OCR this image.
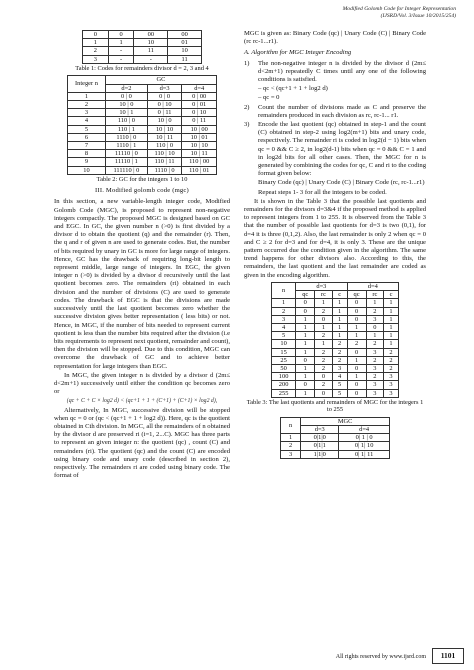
Modified Golomb Code for Integer Representation
(IJSRD/Vol. 3/Issue 10/2015/254)
0	0	00	00
1	1	10	01
2	-	11	10
3	-	-	11
Table 1: Codes for remainders divisor d = 2, 3 and 4
Integer n	GC		
	d=2	d=3	d=4
1	0 | 0	0 | 0	0 | 00
2	10 | 0	0 | 10	0 | 01
3	10 | 1	0 | 11	0 | 10
4	110 | 0	10 | 0	0 | 11
5	110 | 1	10 | 10	10 | 00
6	1110 | 0	10 | 11	10 | 01
7	1110 | 1	110 | 0	10 | 10
8	11110 | 0	110 | 10	10 | 11
9	11110 | 1	110 | 11	110 | 00
10	111110 | 0	1110 | 0	110 | 01
Table 2: GC for the integers 1 to 10
III. Modified golomb code (mgc)

In this section, a new variable-length integer code, Modified Golomb Code (MGC), is proposed to represent non-negative integers compactly. The proposed MGC is designed based on GC and EGC. In GC, the given number n (>0) is first divided by a divisor d to obtain the quotient (q) and the remainder (r). Then, the q and r of given n are used to generate codes. But, the number of bits required by unary in GC is more for large range of integers. Hence, GC has the drawback of requiring long-bit length to represent middle, large range of integers. In EGC, the given integer n (>0) is divided by a divisor d recursively until the last quotient becomes zero. The remainders (ri) obtained in each division and the number of divisions (C) are used to generate codes. The drawback of EGC is that the divisions are made successively until the last quotient becomes zero whether the successive division gives better representation ( less bits) or not. Hence, in MGC, if the number of bits needed to represent current quotient is less than the number bits required after the division (i.e bits requirements to represent next quotient, remainder and count), then the division will be stopped. Due to this condition, MGC can overcome the drawback of GC and to achieve better representation for large integers than EGC.

In MGC, the given integer n is divided by a divisor d (2m≤ d<2m+1) successively until either the condition qc becomes zero or

(qc + C + C × log2 d) < (qc+1 + 1 + (C+1) + (C+1) × log2 d),

Alternatively, In MGC, successive division will be stopped when qc = 0 or (qc < (qc+1 + 1 + log2 d)). Here, qc is the quotient obtained in Cth division. In MGC, all the remainders of n obtained by the divisor d are preserved ri (i=1, 2...C). MGC has three parts to represent an given integer n: the quotient (qc) , count (C) and remainders (ri). The quotient (qc) and the count (C) are encoded using binary code and unary code (described in section 2), respectively. The remainders ri are coded using binary code. The format of

MGC is given as: Binary Code (qc) | Unary Code (C) | Binary Code (rc rc-1...r1).

A. Algorithm for MGC Integer Encoding
1)	The non-negative integer n is divided by the divisor d (2m≤ d<2m+1) repeatedly C times until any one of the following conditions is satisfied.
– qc < (qc+1 + 1 + log2 d)
– qc = 0
2)	Count the number of divisions made as C and preserve the remainders produced in each division as rc, rc-1... r1.
3)	Encode the last quotient (qc) obtained in step-1 and the count (C) obtained in step-2 using log2(m+1) bits and unary code, respectively. The remainder ri is coded in log2(d − 1) bits when qc = 0 && C ≥ 2, in log2(d-1) bits when qc = 0 && C = 1 and in log2d bits for all other cases. Then, the MGC for n is generated by combining the codes for qc, C and ri to the coding format given below:
Binary Code (qc) | Unary Code (C) | Binary Code (rc, rc-1...r1)
Repeat steps 1- 3 for all the integers to be coded.

It is shown in the Table 3 that the possible last quotients and remainders for the divisors d=3&4 if the proposed method is applied to represent integers from 1 to 255. It is observed from the Table 3 that the number of possible last quotients for d=3 is two (0,1), for d=4 it is three (0,1,2). Also, the last remainder is only 2 when qc = 0 and C ≥ 2 for d=3 and for d=4, it is only 3. These are the unique pattern occurred due the condition given in the algorithm. The same trend happens for other divisors also. According to this, the remainders, the last quotient and the last remainder are coded as given in the encoding algorithm.

n	d=3			d=4		
	qc	rc	c	qc	rc	c
1	0	1	1	0	1	1
2	0	2	1	0	2	1
3	1	0	1	0	3	1
4	1	1	1	1	0	1
5	1	2	1	1	1	1
10	1	1	2	2	2	1
15	1	2	2	0	3	2
25	0	2	2	1	2	2
50	1	2	3	0	3	2
100	1	0	4	1	2	3
200	0	2	5	0	3	3
255	1	0	5	0	3	3
Table 3: The last quotients and remainders of MGC for the integers 1 to 255
n	MGC	
	d=3	d=4
1	0|1|0	0| 1 | 0
2	0|1|1	0| 1| 10
3	1|1|0	0| 1| 11
All rights reserved by www.ijsrd.com	1101
